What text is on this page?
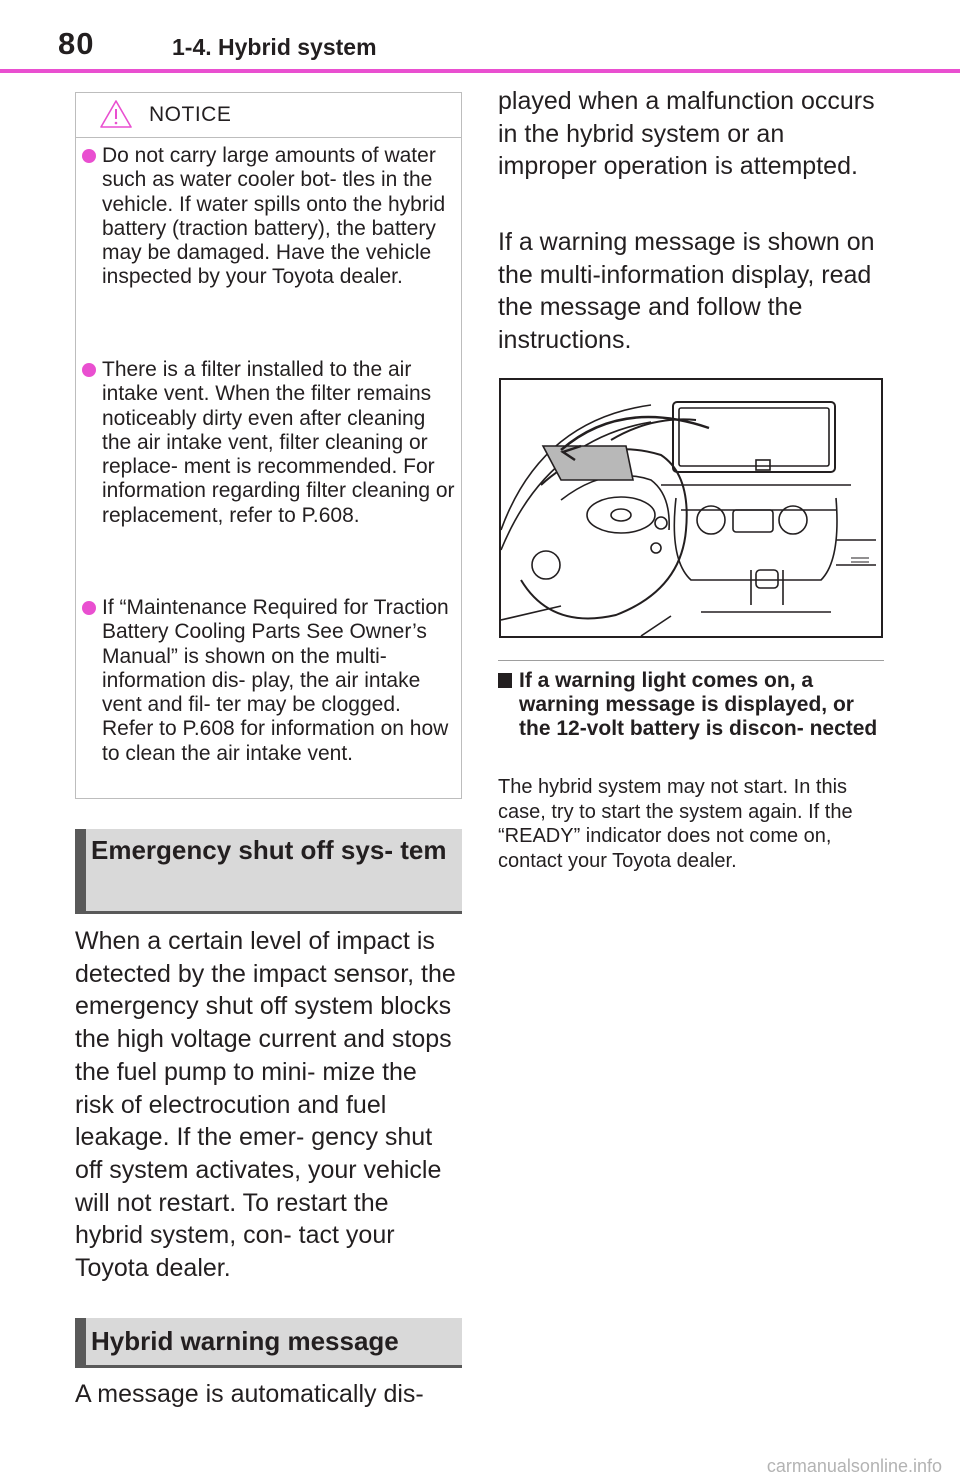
80	1-4. Hybrid system
NOTICE

Do not carry large amounts of water such as water cooler bot- tles in the vehicle. If water spills onto the hybrid battery (traction battery), the battery may be damaged. Have the vehicle inspected by your Toyota dealer.

There is a filter installed to the air intake vent. When the filter remains noticeably dirty even after cleaning the air intake vent, filter cleaning or replace- ment is recommended. For information regarding filter cleaning or replacement, refer to P.608.

If “Maintenance Required for Traction Battery Cooling Parts See Owner’s Manual” is shown on the multi-information dis- play, the air intake vent and fil- ter may be clogged. Refer to P.608 for information on how to clean the air intake vent.

Emergency shut off sys- tem

When a certain level of impact is detected by the impact sensor, the emergency shut off system blocks the high voltage current and stops the fuel pump to mini- mize the risk of electrocution and fuel leakage. If the emer- gency shut off system activates, your vehicle will not restart. To restart the hybrid system, con- tact your Toyota dealer.

Hybrid warning message

A message is automatically dis-

played when a malfunction occurs in the hybrid system or an improper operation is attempted.

If a warning message is shown on the multi-information display, read the message and follow the instructions.

If a warning light comes on, a warning message is displayed, or the 12-volt battery is discon- nected

The hybrid system may not start. In this case, try to start the system again. If the “READY” indicator does not come on, contact your Toyota dealer.

carmanualsonline.info
